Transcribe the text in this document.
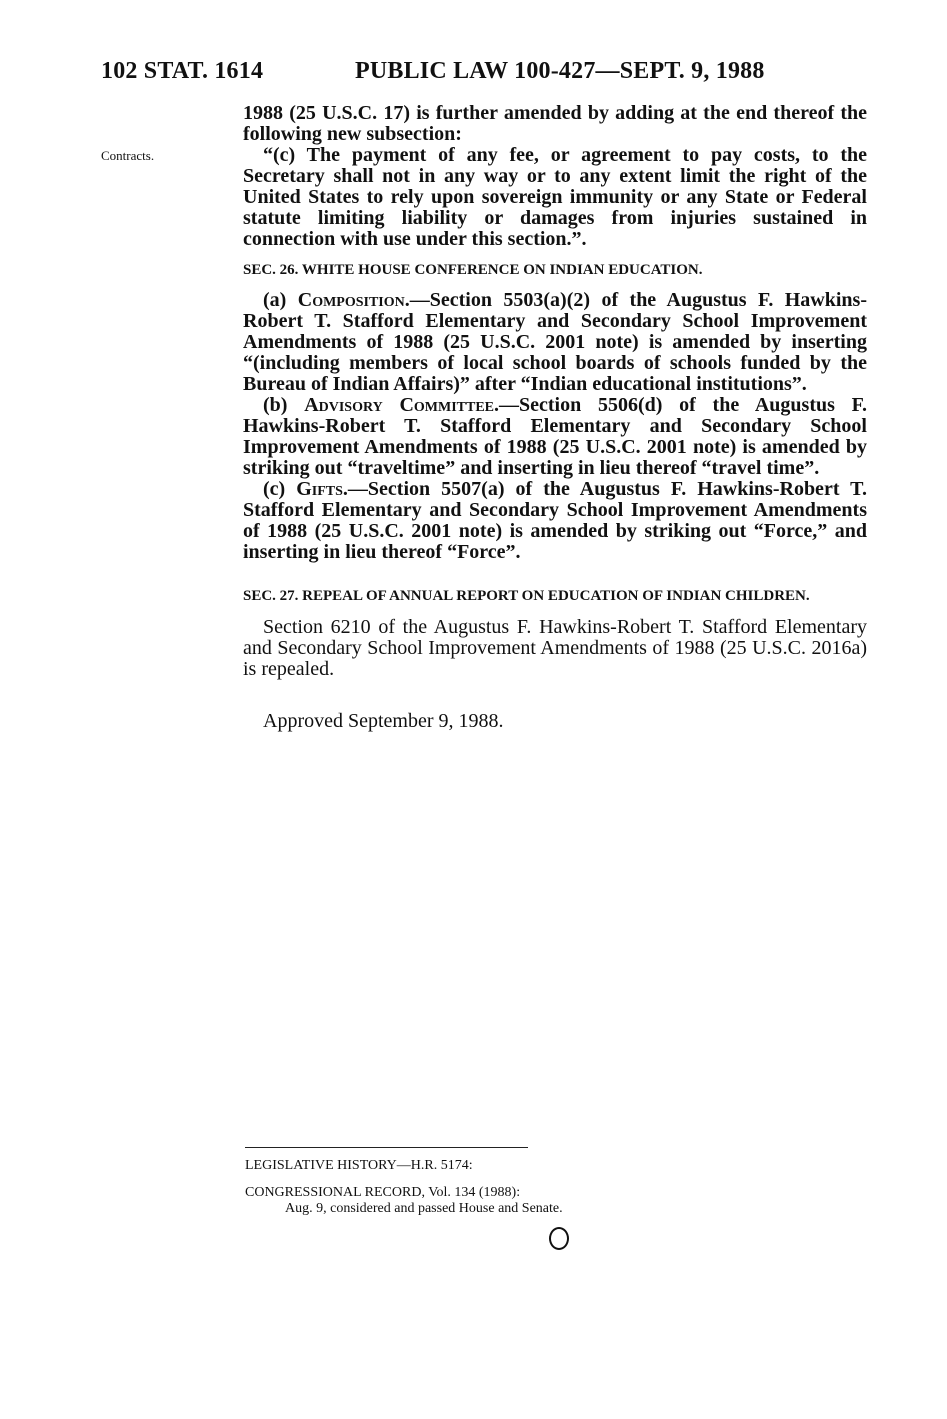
102 STAT. 1614	PUBLIC LAW 100-427—SEPT. 9, 1988
Contracts.

1988 (25 U.S.C. 17) is further amended by adding at the end thereof the following new subsection:

“(c) The payment of any fee, or agreement to pay costs, to the Secretary shall not in any way or to any extent limit the right of the United States to rely upon sovereign immunity or any State or Federal statute limiting liability or damages from injuries sustained in connection with use under this section.”.

SEC. 26. WHITE HOUSE CONFERENCE ON INDIAN EDUCATION.

(a) Composition.—Section 5503(a)(2) of the Augustus F. Hawkins-Robert T. Stafford Elementary and Secondary School Improvement Amendments of 1988 (25 U.S.C. 2001 note) is amended by inserting “(including members of local school boards of schools funded by the Bureau of Indian Affairs)” after “Indian educational institutions”.

(b) Advisory Committee.—Section 5506(d) of the Augustus F. Hawkins-Robert T. Stafford Elementary and Secondary School Improvement Amendments of 1988 (25 U.S.C. 2001 note) is amended by striking out “traveltime” and inserting in lieu thereof “travel time”.

(c) Gifts.—Section 5507(a) of the Augustus F. Hawkins-Robert T. Stafford Elementary and Secondary School Improvement Amendments of 1988 (25 U.S.C. 2001 note) is amended by striking out “Force,” and inserting in lieu thereof “Force”.

SEC. 27. REPEAL OF ANNUAL REPORT ON EDUCATION OF INDIAN CHILDREN.

Section 6210 of the Augustus F. Hawkins-Robert T. Stafford Elementary and Secondary School Improvement Amendments of 1988 (25 U.S.C. 2016a) is repealed.

Approved September 9, 1988.
LEGISLATIVE HISTORY—H.R. 5174:
CONGRESSIONAL RECORD, Vol. 134 (1988):
Aug. 9, considered and passed House and Senate.
